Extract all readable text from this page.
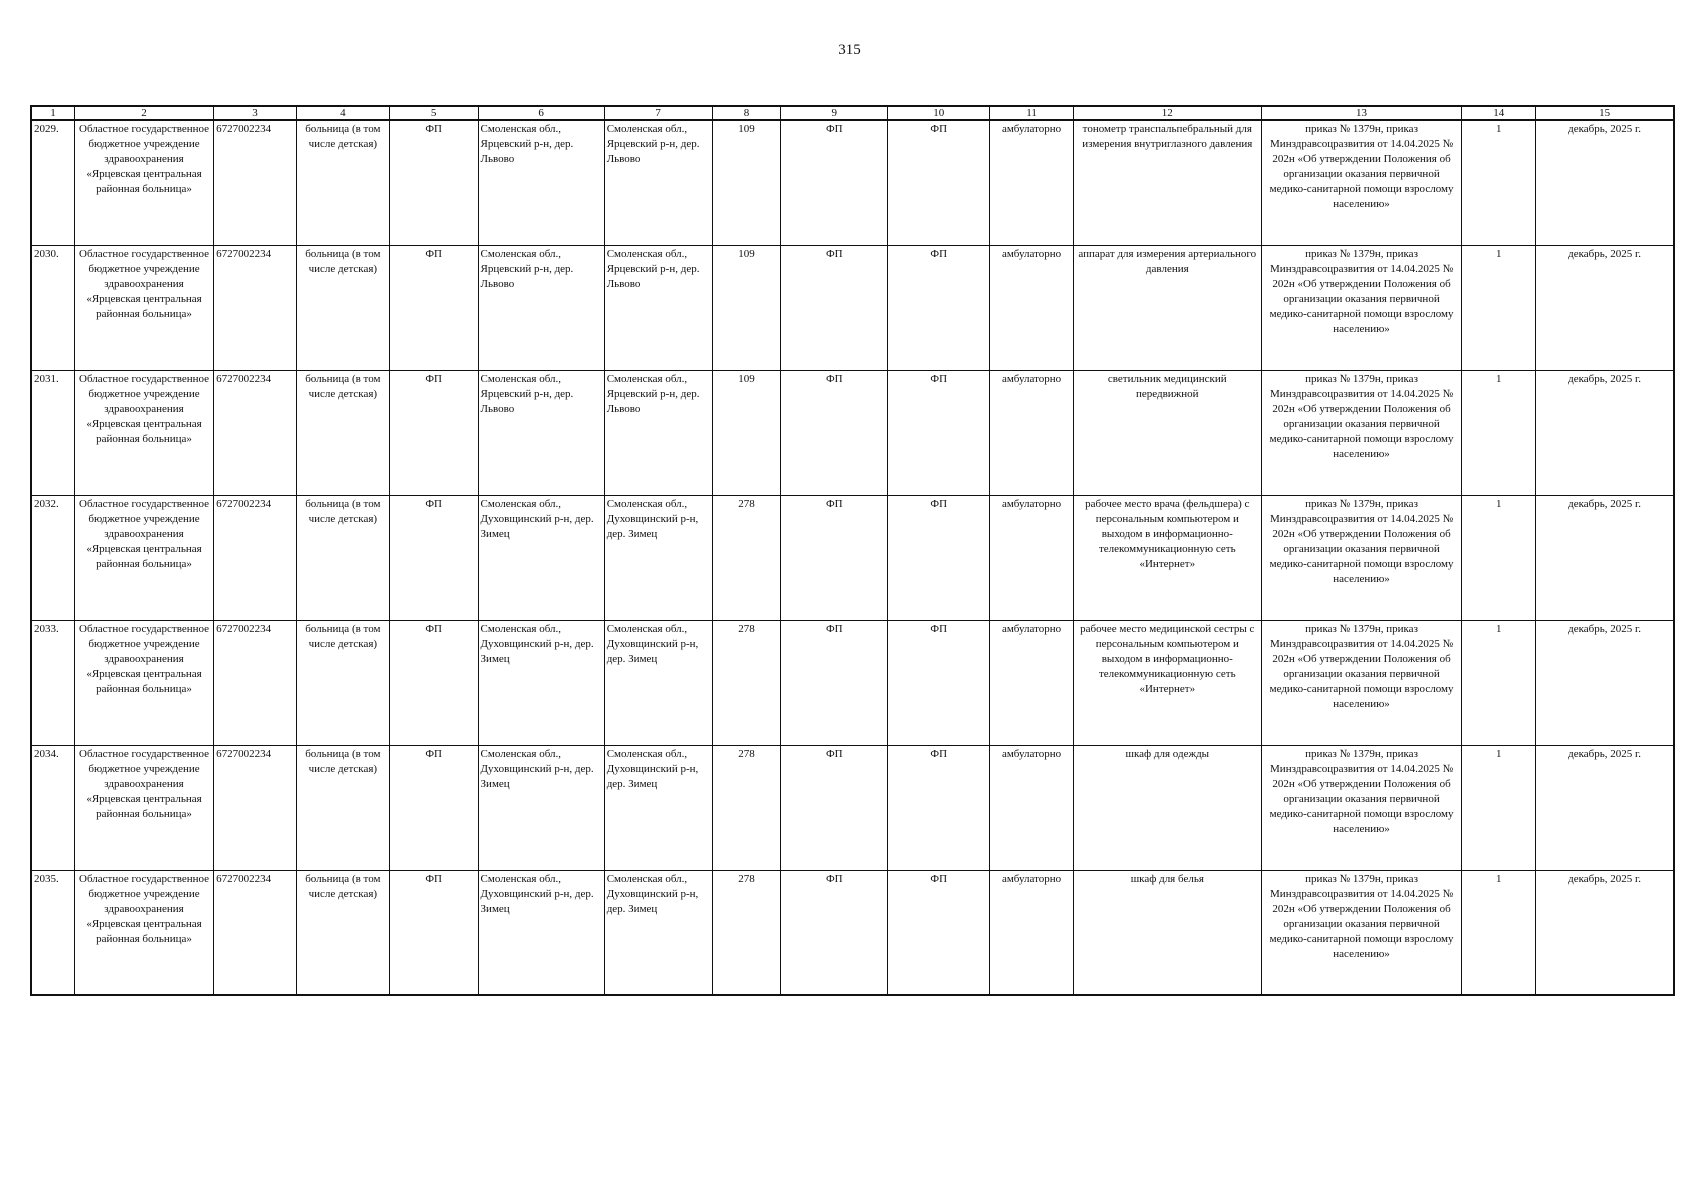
315
1	2	3	4	5	6	7	8	9	10	11	12	13	14	15
2029.	Областное государственное бюджетное учреждение здравоохранения «Ярцевская центральная районная больница»	6727002234	больница (в том числе детская)	ФП	Смоленская обл., Ярцевский р-н, дер. Львово	Смоленская обл., Ярцевский р-н, дер. Львово	109	ФП	ФП	амбулаторно	тонометр транспальпебральный для измерения внутриглазного давления	приказ № 1379н, приказ Минздравсоцразвития от 14.04.2025 № 202н «Об утверждении Положения об организации оказания первичной медико-санитарной помощи взрослому населению»	1	декабрь, 2025 г.
2030.	Областное государственное бюджетное учреждение здравоохранения «Ярцевская центральная районная больница»	6727002234	больница (в том числе детская)	ФП	Смоленская обл., Ярцевский р-н, дер. Львово	Смоленская обл., Ярцевский р-н, дер. Львово	109	ФП	ФП	амбулаторно	аппарат для измерения артериального давления	приказ № 1379н, приказ Минздравсоцразвития от 14.04.2025 № 202н «Об утверждении Положения об организации оказания первичной медико-санитарной помощи взрослому населению»	1	декабрь, 2025 г.
2031.	Областное государственное бюджетное учреждение здравоохранения «Ярцевская центральная районная больница»	6727002234	больница (в том числе детская)	ФП	Смоленская обл., Ярцевский р-н, дер. Львово	Смоленская обл., Ярцевский р-н, дер. Львово	109	ФП	ФП	амбулаторно	светильник медицинский передвижной	приказ № 1379н, приказ Минздравсоцразвития от 14.04.2025 № 202н «Об утверждении Положения об организации оказания первичной медико-санитарной помощи взрослому населению»	1	декабрь, 2025 г.
2032.	Областное государственное бюджетное учреждение здравоохранения «Ярцевская центральная районная больница»	6727002234	больница (в том числе детская)	ФП	Смоленская обл., Духовщинский р-н, дер. Зимец	Смоленская обл., Духовщинский р-н, дер. Зимец	278	ФП	ФП	амбулаторно	рабочее место врача (фельдшера) с персональным компьютером и выходом в информационно-телекоммуникационную сеть «Интернет»	приказ № 1379н, приказ Минздравсоцразвития от 14.04.2025 № 202н «Об утверждении Положения об организации оказания первичной медико-санитарной помощи взрослому населению»	1	декабрь, 2025 г.
2033.	Областное государственное бюджетное учреждение здравоохранения «Ярцевская центральная районная больница»	6727002234	больница (в том числе детская)	ФП	Смоленская обл., Духовщинский р-н, дер. Зимец	Смоленская обл., Духовщинский р-н, дер. Зимец	278	ФП	ФП	амбулаторно	рабочее место медицинской сестры с персональным компьютером и выходом в информационно-телекоммуникационную сеть «Интернет»	приказ № 1379н, приказ Минздравсоцразвития от 14.04.2025 № 202н «Об утверждении Положения об организации оказания первичной медико-санитарной помощи взрослому населению»	1	декабрь, 2025 г.
2034.	Областное государственное бюджетное учреждение здравоохранения «Ярцевская центральная районная больница»	6727002234	больница (в том числе детская)	ФП	Смоленская обл., Духовщинский р-н, дер. Зимец	Смоленская обл., Духовщинский р-н, дер. Зимец	278	ФП	ФП	амбулаторно	шкаф для одежды	приказ № 1379н, приказ Минздравсоцразвития от 14.04.2025 № 202н «Об утверждении Положения об организации оказания первичной медико-санитарной помощи взрослому населению»	1	декабрь, 2025 г.
2035.	Областное государственное бюджетное учреждение здравоохранения «Ярцевская центральная районная больница»	6727002234	больница (в том числе детская)	ФП	Смоленская обл., Духовщинский р-н, дер. Зимец	Смоленская обл., Духовщинский р-н, дер. Зимец	278	ФП	ФП	амбулаторно	шкаф для белья	приказ № 1379н, приказ Минздравсоцразвития от 14.04.2025 № 202н «Об утверждении Положения об организации оказания первичной медико-санитарной помощи взрослому населению»	1	декабрь, 2025 г.
